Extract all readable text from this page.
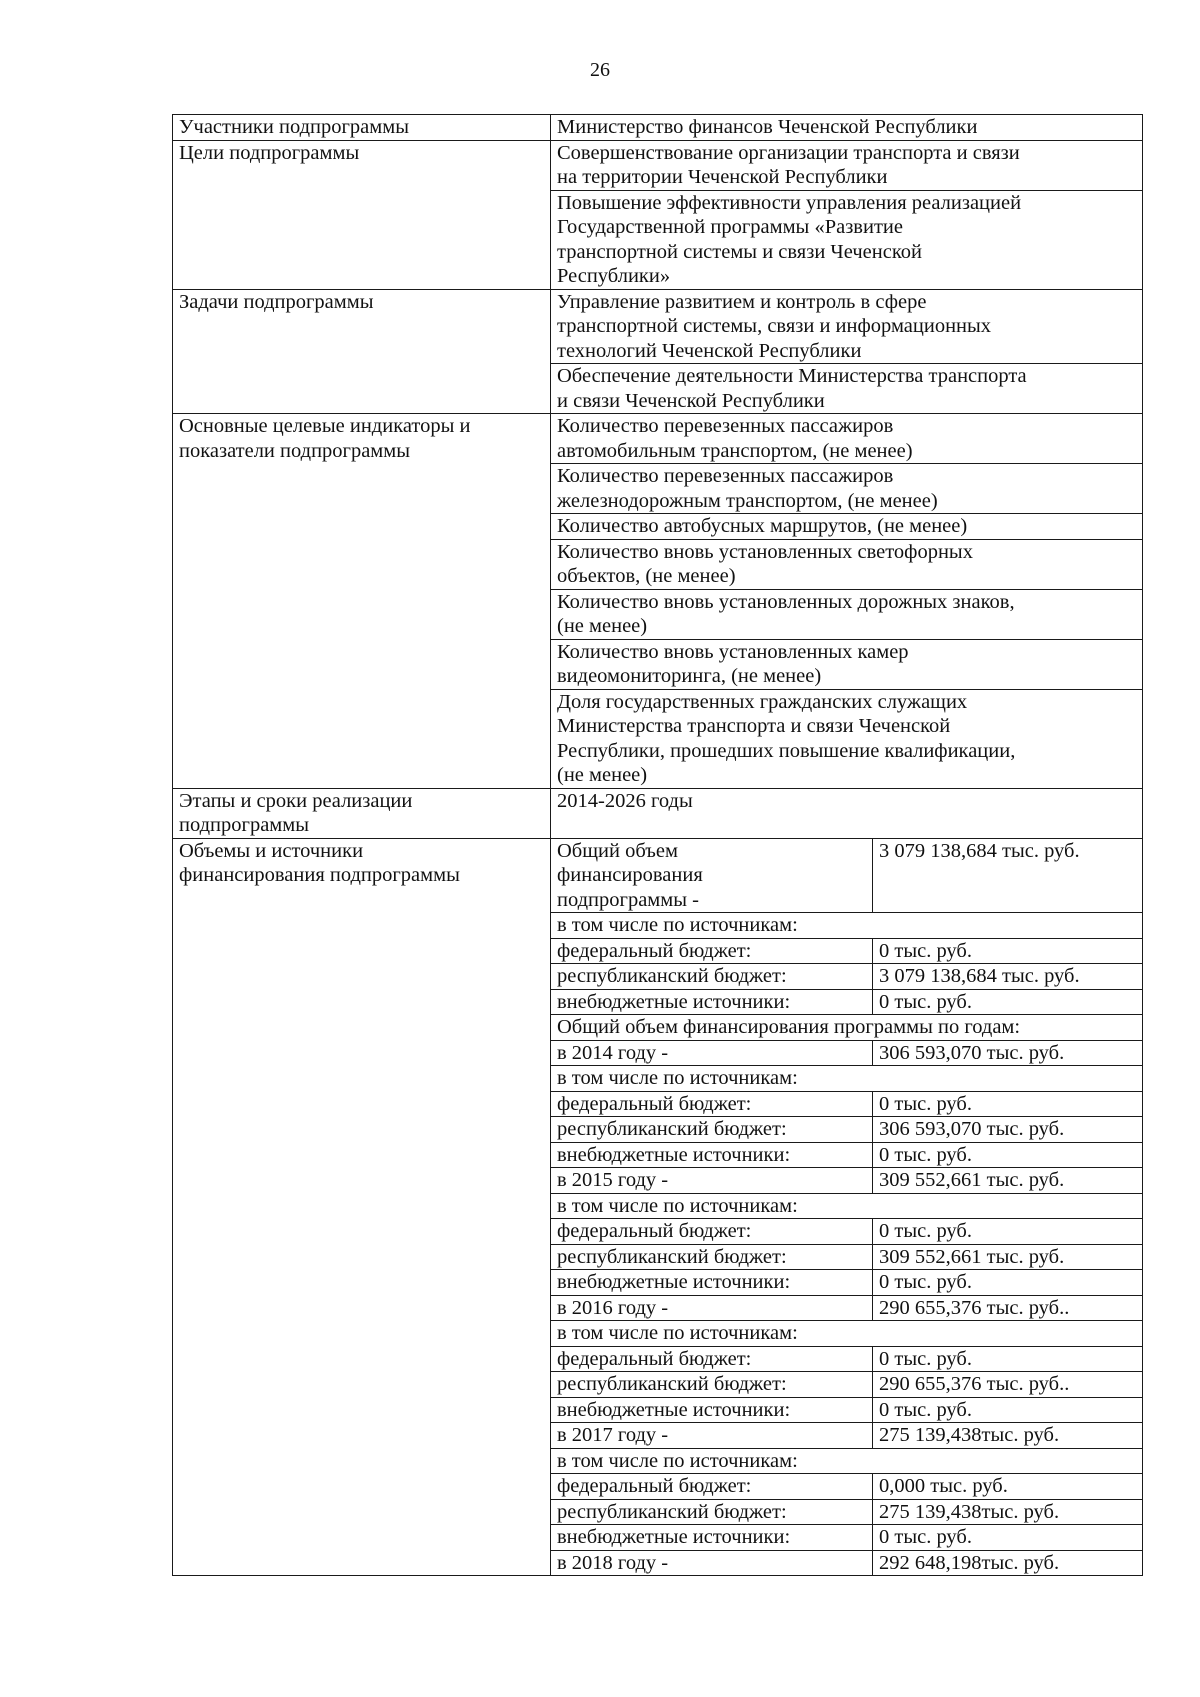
26
Участники подпрограммы	Министерство финансов Чеченской Республики	
Цели подпрограммы	Совершенствование организации транспорта и связи
на территории Чеченской Республики	
	Повышение эффективности управления реализацией
Государственной программы «Развитие
транспортной системы и связи Чеченской
Республики»	
Задачи подпрограммы	Управление развитием и контроль в сфере
транспортной системы, связи и информационных
технологий Чеченской Республики	
	Обеспечение деятельности Министерства транспорта
и связи Чеченской Республики	
Основные целевые индикаторы и
показатели подпрограммы	Количество перевезенных пассажиров
автомобильным транспортом, (не менее)	
	Количество перевезенных пассажиров
железнодорожным транспортом, (не менее)	
	Количество автобусных маршрутов, (не менее)	
	Количество вновь установленных светофорных
объектов, (не менее)	
	Количество вновь установленных дорожных знаков,
(не менее)	
	Количество вновь установленных камер
видеомониторинга, (не менее)	
	Доля государственных гражданских служащих
Министерства транспорта и связи Чеченской
Республики, прошедших повышение квалификации,
(не менее)	
Этапы и сроки реализации
подпрограммы	2014-2026 годы	
Объемы и источники
финансирования подпрограммы	Общий объем
финансирования
подпрограммы -	3 079 138,684 тыс. руб.
	в том числе по источникам:	
	федеральный бюджет:	0 тыс. руб.
	республиканский бюджет:	3 079 138,684 тыс. руб.
	внебюджетные источники:	0 тыс. руб.
	Общий объем финансирования программы по годам:	
	в 2014 году -	306 593,070 тыс. руб.
	в том числе по источникам:	
	федеральный бюджет:	0 тыс. руб.
	республиканский бюджет:	306 593,070 тыс. руб.
	внебюджетные источники:	0 тыс. руб.
	в 2015 году -	309 552,661 тыс. руб.
	в том числе по источникам:	
	федеральный бюджет:	0 тыс. руб.
	республиканский бюджет:	309 552,661 тыс. руб.
	внебюджетные источники:	0 тыс. руб.
	в 2016 году -	290 655,376 тыс. руб..
	в том числе по источникам:	
	федеральный бюджет:	0 тыс. руб.
	республиканский бюджет:	290 655,376 тыс. руб..
	внебюджетные источники:	0 тыс. руб.
	в 2017 году -	275 139,438тыс. руб.
	в том числе по источникам:	
	федеральный бюджет:	0,000 тыс. руб.
	республиканский бюджет:	275 139,438тыс. руб.
	внебюджетные источники:	0 тыс. руб.
	в 2018 году -	292 648,198тыс. руб.
